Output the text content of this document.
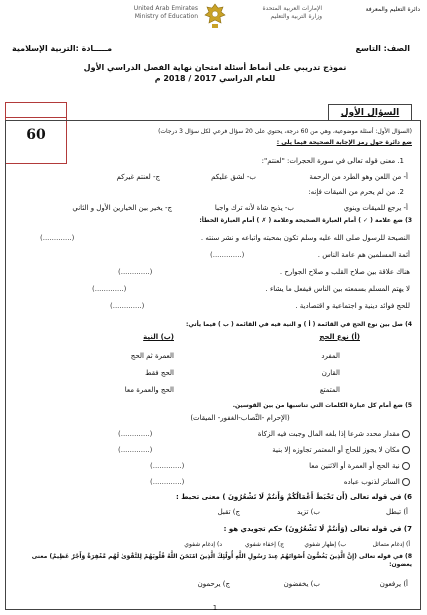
دائرة التعليم والمعرفة
United Arab Emirates
Ministry of Education
الإمارات العربية المتحدة
وزارة التربية والتعليم
الصف: التاسع
مـــــادة :التربية الإسلامية
نموذج تدريبي على أنماط أسئلة امتحان نهاية الفصل الدراسي الأول
للعام الدراسي 2017 / 2018 م
60
السؤال الأول
(السؤال الأول: أسئلة موضوعية، وهي من 60 درجة، يحتوي على 20 سؤال فرعي لكل سؤال 3 درجات)
ضع دائرة حول رمز الإجابة الصحيحة فيما يلي :
1. معنى قوله تعالى في سورة الحجرات: "لعنتم":
أ- من اللعن وهو الطرد من الرحمة
ب- لشق عليكم
ج- لعنتم غيركم
2. من لم يحرم من الميقات فإنه:
أ- يرجع للميقات وينوي
ب- يذبح شاة لأنه ترك واجبا
ج- يخير بين الخيارين الأول و الثاني
3) ضع علامة ( ✓ ) أمام العبارة الصحيحة وعلامة ( ✗ ) أمام العبارة الخطأ:
النصيحة للرسول صلى الله عليه وسلم تكون بمحبته واتباعه و نشر سنته .
(.............)
أئمة المسلمين هم عامة الناس .
(.............)
هناك علاقة بين صلاح القلب و صلاح الجوارح .
(.............)
لا يهتم المسلم بسمعته بين الناس فيفعل ما يشاء .
(.............)
للحج فوائد دينية و اجتماعية و اقتصادية .
(.............)
4) صل بين نوع الحج في القائمة ( أ ) و النية فيه في القائمة ( ب ) فيما يأتي:
(أ) نوع الحج
(ب) النية
المفرد
العمرة ثم الحج
القارن
الحج فقط
المتمتع
الحج والعمرة معا
5) ضع أمام كل عبارة الكلمات التي تناسبها من بين القوسين.
(الإحرام -النِّصاب-الغفور- الميقات)
مقدار محدد شرعا إذا بلغه المال وجبت فيه الزكاة
(.............)
مكان لا يجوز للحاج أو المعتمر تجاوزه إلا بنية
(.............)
نية الحج أو العمرة أو الاثنين معا
(.............)
الساتر لذنوب عباده
(.............)
6) في قوله تعالى (أَن تَحْبَطَ أَعْمَالُكُمْ وَأَنتُمْ لَا تَشْعُرُونَ ) معنى تحبط :
أ) تبطل
ب) تزيد
ج) تقبل
7) في قوله تعالى (وَأَنتُمْ لَا تَشْعُرُونَ) حكم تجويدي هو :
أ) إدغام متماثل
ب) إظهار شفوي
ج) إخفاء شفوي
د) إدغام شفوي
8) في قوله تعالى (إِنَّ الَّذِينَ يَغُضُّونَ أَصْوَاتَهُمْ عِندَ رَسُولِ اللَّهِ أُولَٰئِكَ الَّذِينَ امْتَحَنَ اللَّهُ قُلُوبَهُمْ لِلتَّقْوَىٰ لَهُم مَّغْفِرَةٌ وَأَجْرٌ عَظِيمٌ) معنى يغضون:
أ) يرفعون
ب) يخفضون
ج) يرحمون
1
